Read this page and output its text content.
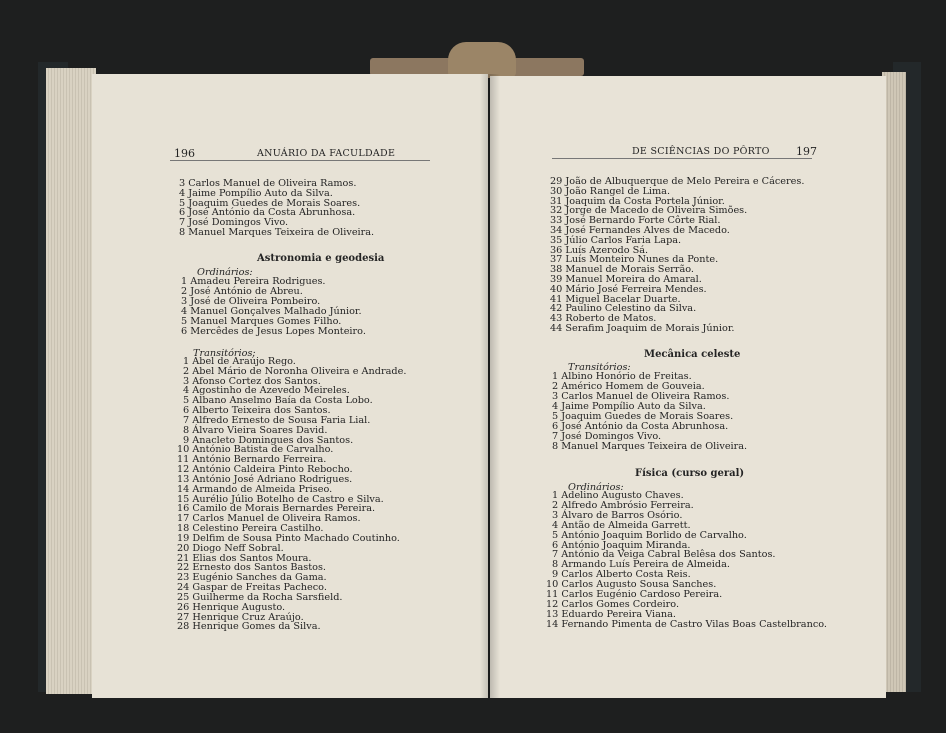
196	ANUÁRIO DA FACULDADE
3 Carlos Manuel de Oliveira Ramos.
4 Jaime Pompílio Auto da Silva.
5 Joaquim Guedes de Morais Soares.
6 José António da Costa Abrunhosa.
7 José Domingos Vivo.
8 Manuel Marques Teixeira de Oliveira.
Astronomia e geodesia
Ordinários:
1 Amadeu Pereira Rodrigues.
2 José António de Abreu.
3 José de Oliveira Pombeiro.
4 Manuel Gonçalves Malhado Júnior.
5 Manuel Marques Gomes Filho.
6 Mercêdes de Jesus Lopes Monteiro.
Transitórios:
1 Abel de Araújo Rego.
2 Abel Mário de Noronha Oliveira e Andrade.
3 Afonso Cortez dos Santos.
4 Agostinho de Azevedo Meireles.
5 Albano Anselmo Baía da Costa Lobo.
6 Alberto Teixeira dos Santos.
7 Alfredo Ernesto de Sousa Faria Lial.
8 Álvaro Vieira Soares David.
9 Anacleto Domingues dos Santos.
10 António Batista de Carvalho.
11 António Bernardo Ferreira.
12 António Caldeira Pinto Rebocho.
13 António José Adriano Rodrigues.
14 Armando de Almeida Priseo.
15 Aurélio Júlio Botelho de Castro e Silva.
16 Camilo de Morais Bernardes Pereira.
17 Carlos Manuel de Oliveira Ramos.
18 Celestino Pereira Castilho.
19 Delfim de Sousa Pinto Machado Coutinho.
20 Diogo Neff Sobral.
21 Elias dos Santos Moura.
22 Ernesto dos Santos Bastos.
23 Eugénio Sanches da Gama.
24 Gaspar de Freitas Pacheco.
25 Guilherme da Rocha Sarsfield.
26 Henrique Augusto.
27 Henrique Cruz Araújo.
28 Henrique Gomes da Silva.
DE SCIÊNCIAS DO PÔRTO 197
29 João de Albuquerque de Melo Pereira e Cáceres.
30 João Rangel de Lima.
31 Joaquim da Costa Portela Júnior.
32 Jorge de Macedo de Oliveira Simões.
33 José Bernardo Forte Côrte Rial.
34 José Fernandes Alves de Macedo.
35 Júlio Carlos Faria Lapa.
36 Luís Azerodo Sá.
37 Luís Monteiro Nunes da Ponte.
38 Manuel de Morais Serrão.
39 Manuel Moreira do Amaral.
40 Mário José Ferreira Mendes.
41 Miguel Bacelar Duarte.
42 Paulino Celestino da Silva.
43 Roberto de Matos.
44 Serafim Joaquim de Morais Júnior.
Mecânica celeste
Transitórios:
1 Albino Honório de Freitas.
2 Américo Homem de Gouveia.
3 Carlos Manuel de Oliveira Ramos.
4 Jaime Pompílio Auto da Silva.
5 Joaquim Guedes de Morais Soares.
6 José António da Costa Abrunhosa.
7 José Domingos Vivo.
8 Manuel Marques Teixeira de Oliveira.
Física (curso geral)
Ordinários:
1 Adelino Augusto Chaves.
2 Alfredo Ambrósio Ferreira.
3 Álvaro de Barros Osório.
4 Antão de Almeida Garrett.
5 António Joaquim Borlido de Carvalho.
6 António Joaquim Miranda.
7 António da Veiga Cabral Belêsa dos Santos.
8 Armando Luís Pereira de Almeida.
9 Carlos Alberto Costa Reis.
10 Carlos Augusto Sousa Sanches.
11 Carlos Eugénio Cardoso Pereira.
12 Carlos Gomes Cordeiro.
13 Eduardo Pereira Viana.
14 Fernando Pimenta de Castro Vilas Boas Castelbranco.
